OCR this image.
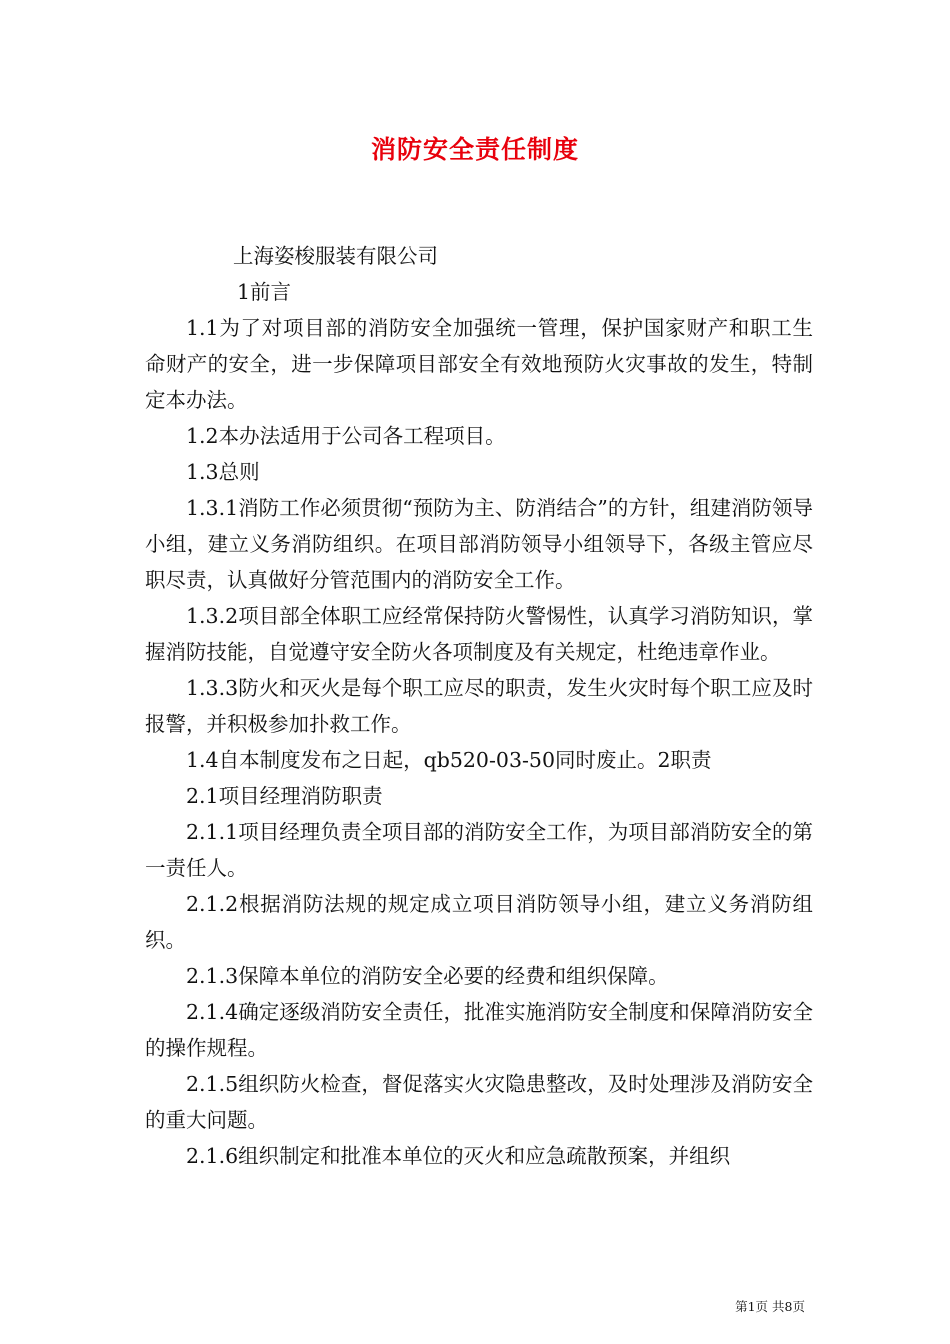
消防安全责任制度

上海姿梭服装有限公司

1前言

1.1为了对项目部的消防安全加强统一管理，保护国家财产和职工生命财产的安全，进一步保障项目部安全有效地预防火灾事故的发生，特制定本办法。

1.2本办法适用于公司各工程项目。

1.3总则

1.3.1消防工作必须贯彻“预防为主、防消结合”的方针，组建消防领导小组，建立义务消防组织。在项目部消防领导小组领导下，各级主管应尽职尽责，认真做好分管范围内的消防安全工作。

1.3.2项目部全体职工应经常保持防火警惕性，认真学习消防知识，掌握消防技能，自觉遵守安全防火各项制度及有关规定，杜绝违章作业。

1.3.3防火和灭火是每个职工应尽的职责，发生火灾时每个职工应及时报警，并积极参加扑救工作。

1.4自本制度发布之日起，qb520-03-50同时废止。2职责

2.1项目经理消防职责

2.1.1项目经理负责全项目部的消防安全工作，为项目部消防安全的第一责任人。

2.1.2根据消防法规的规定成立项目消防领导小组，建立义务消防组织。

2.1.3保障本单位的消防安全必要的经费和组织保障。

2.1.4确定逐级消防安全责任，批准实施消防安全制度和保障消防安全的操作规程。

2.1.5组织防火检查，督促落实火灾隐患整改，及时处理涉及消防安全的重大问题。

2.1.6组织制定和批准本单位的灭火和应急疏散预案，并组织

第1页 共8页
